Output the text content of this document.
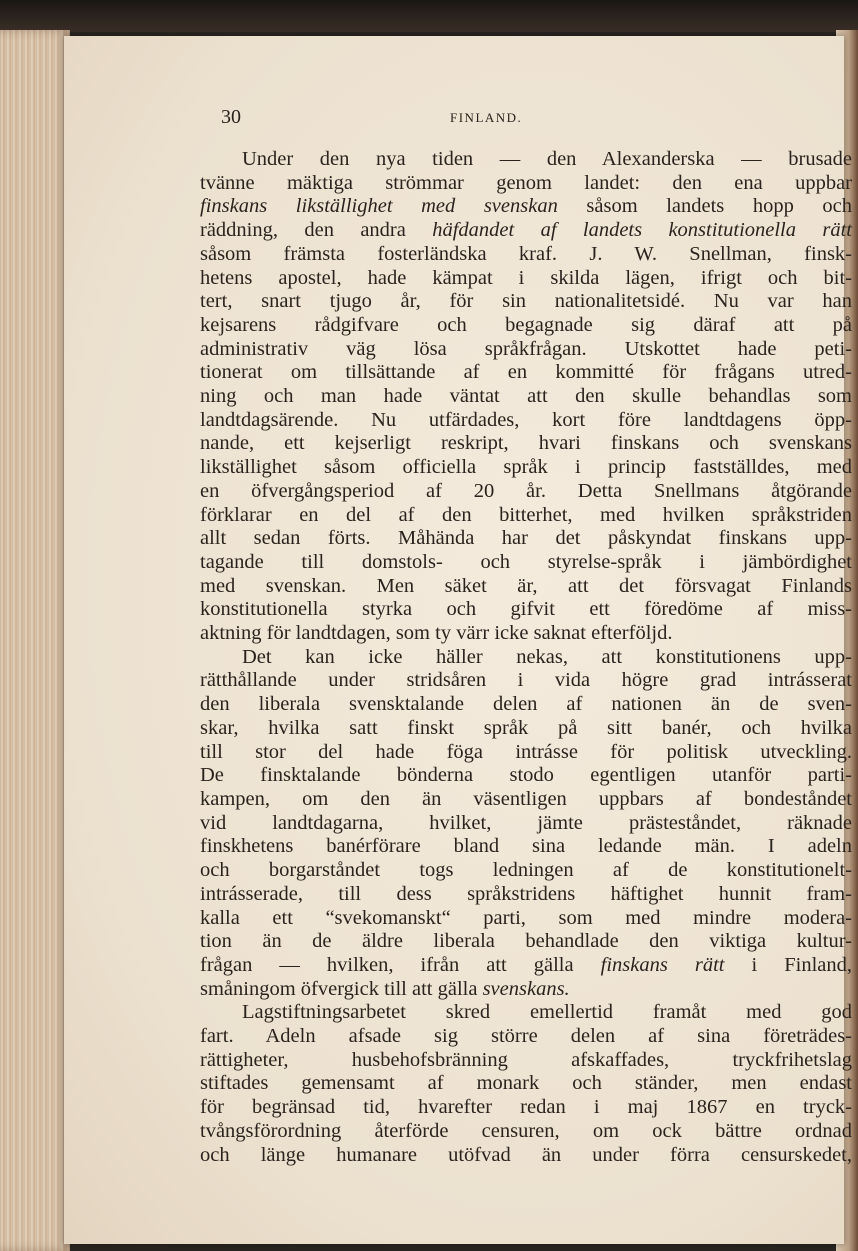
30	FINLAND.
Under den nya tiden — den Alexanderska — brusade
tvänne mäktiga strömmar genom landet: den ena uppbar
finskans likställighet med svenskan såsom landets hopp och
räddning, den andra häfdandet af landets konstitutionella rätt
såsom främsta fosterländska kraf. J. W. Snellman, finsk-
hetens apostel, hade kämpat i skilda lägen, ifrigt och bit-
tert, snart tjugo år, för sin nationalitetsidé. Nu var han
kejsarens rådgifvare och begagnade sig däraf att på
administrativ väg lösa språkfrågan. Utskottet hade peti-
tionerat om tillsättande af en kommitté för frågans utred-
ning och man hade väntat att den skulle behandlas som
landtdagsärende. Nu utfärdades, kort före landtdagens öpp-
nande, ett kejserligt reskript, hvari finskans och svenskans
likställighet såsom officiella språk i princip fastställdes, med
en öfvergångsperiod af 20 år. Detta Snellmans åtgörande
förklarar en del af den bitterhet, med hvilken språkstriden
allt sedan förts. Måhända har det påskyndat finskans upp-
tagande till domstols- och styrelse-språk i jämbördighet
med svenskan. Men säket är, att det försvagat Finlands
konstitutionella styrka och gifvit ett föredöme af miss-
aktning för landtdagen, som ty värr icke saknat efterföljd.
Det kan icke häller nekas, att konstitutionens upp-
rätthållande under stridsåren i vida högre grad intrásserat
den liberala svensktalande delen af nationen än de sven-
skar, hvilka satt finskt språk på sitt banér, och hvilka
till stor del hade föga intrásse för politisk utveckling.
De finsktalande bönderna stodo egentligen utanför parti-
kampen, om den än väsentligen uppbars af bondeståndet
vid landtdagarna, hvilket, jämte prästeståndet, räknade
finskhetens banérförare bland sina ledande män. I adeln
och borgarståndet togs ledningen af de konstitutionelt-
intrásserade, till dess språkstridens häftighet hunnit fram-
kalla ett “svekomanskt“ parti, som med mindre modera-
tion än de äldre liberala behandlade den viktiga kultur-
frågan — hvilken, ifrån att gälla finskans rätt i Finland,
småningom öfvergick till att gälla svenskans.
Lagstiftningsarbetet skred emellertid framåt med god
fart. Adeln afsade sig större delen af sina företrädes-
rättigheter, husbehofsbränning afskaffades, tryckfrihetslag
stiftades gemensamt af monark och ständer, men endast
för begränsad tid, hvarefter redan i maj 1867 en tryck-
tvångsförordning återförde censuren, om ock bättre ordnad
och länge humanare utöfvad än under förra censurskedet,
